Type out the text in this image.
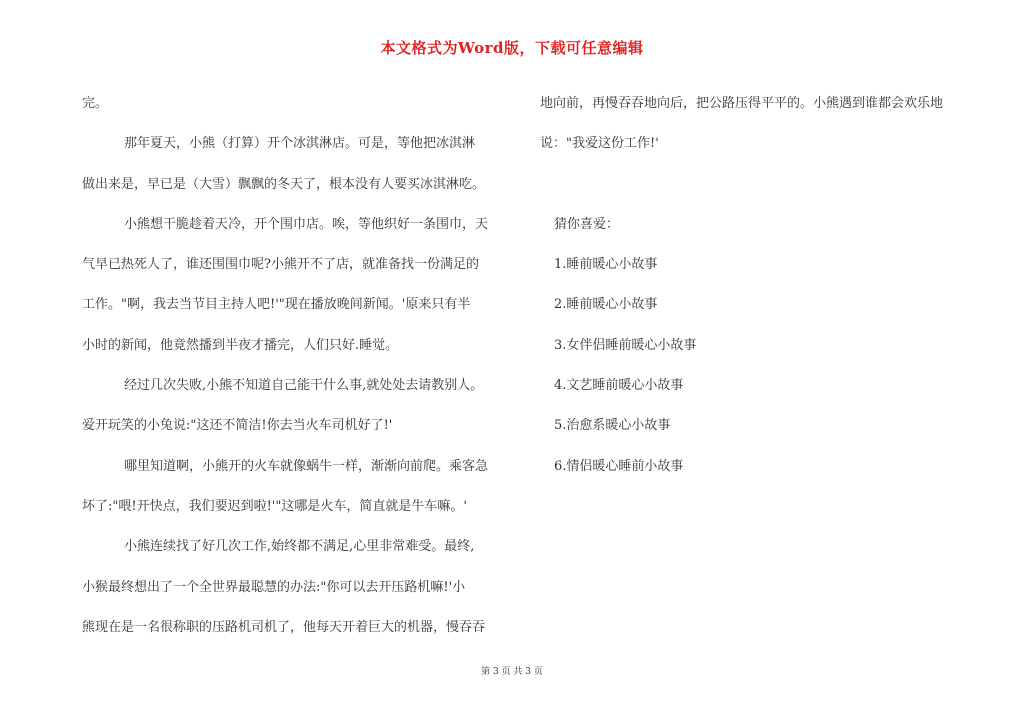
本文格式为Word版，下载可任意编辑

完。

那年夏天，小熊（打算）开个冰淇淋店。可是，等他把冰淇淋

做出来是，早已是（大雪）飘飘的冬天了，根本没有人要买冰淇淋吃。

小熊想干脆趁着天冷，开个围巾店。唉，等他织好一条围巾，天

气早已热死人了，谁还围围巾呢?小熊开不了店，就准备找一份满足的

工作。"啊，我去当节目主持人吧!'"现在播放晚间新闻。'原来只有半

小时的新闻，他竟然播到半夜才播完，人们只好.睡觉。

经过几次失败,小熊不知道自己能干什么事,就处处去请教别人。

爱开玩笑的小兔说:"这还不简洁!你去当火车司机好了!'

哪里知道啊，小熊开的火车就像蜗牛一样，渐渐向前爬。乘客急

坏了:"喂!开快点，我们要迟到啦!'"这哪是火车，简直就是牛车嘛。'

小熊连续找了好几次工作,始终都不满足,心里非常难受。最终,

小猴最终想出了一个全世界最聪慧的办法:"你可以去开压路机嘛!'小

熊现在是一名很称职的压路机司机了，他每天开着巨大的机器，慢吞吞

地向前，再慢吞吞地向后，把公路压得平平的。小熊遇到谁都会欢乐地

说："我爱这份工作!'

猜你喜爱：

1.睡前暖心小故事

2.睡前暖心小故事

3.女伴侣睡前暖心小故事

4.文艺睡前暖心小故事

5.治愈系暖心小故事

6.情侣暖心睡前小故事

第 3 页 共 3 页
